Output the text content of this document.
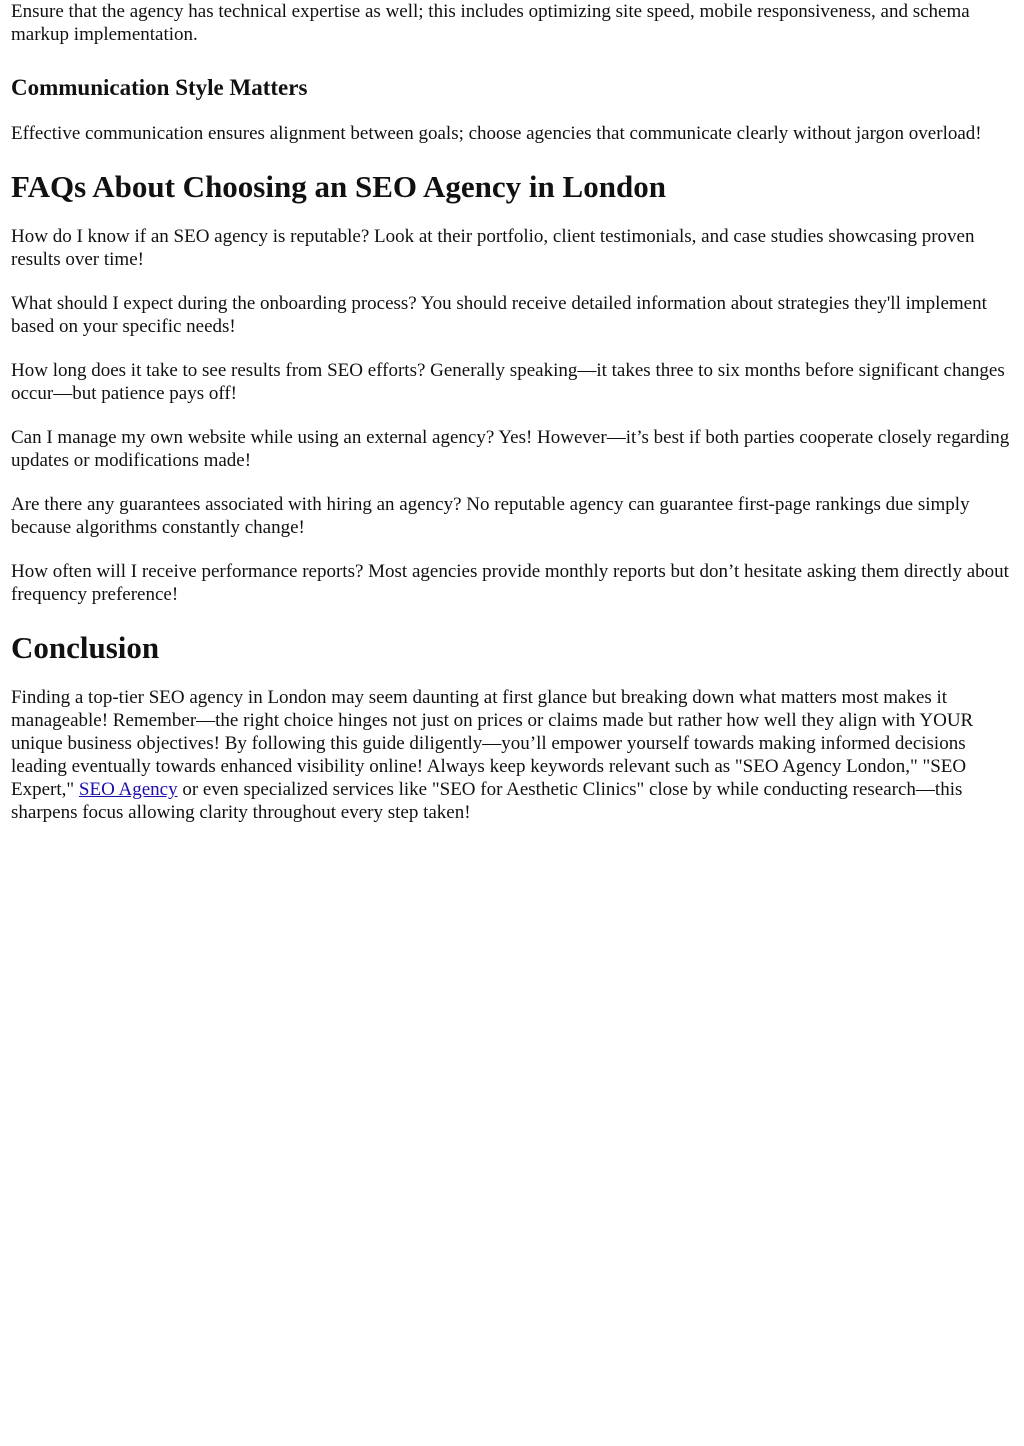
Ensure that the agency has technical expertise as well; this includes optimizing site speed, mobile responsiveness, and schema markup implementation.

Communication Style Matters

Effective communication ensures alignment between goals; choose agencies that communicate clearly without jargon overload!

FAQs About Choosing an SEO Agency in London

How do I know if an SEO agency is reputable? Look at their portfolio, client testimonials, and case studies showcasing proven results over time!

What should I expect during the onboarding process? You should receive detailed information about strategies they'll implement based on your specific needs!

How long does it take to see results from SEO efforts? Generally speaking—it takes three to six months before significant changes occur—but patience pays off!

Can I manage my own website while using an external agency? Yes! However—it’s best if both parties cooperate closely regarding updates or modifications made!

Are there any guarantees associated with hiring an agency? No reputable agency can guarantee first-page rankings due simply because algorithms constantly change!

How often will I receive performance reports? Most agencies provide monthly reports but don’t hesitate asking them directly about frequency preference!

Conclusion

Finding a top-tier SEO agency in London may seem daunting at first glance but breaking down what matters most makes it manageable! Remember—the right choice hinges not just on prices or claims made but rather how well they align with YOUR unique business objectives! By following this guide diligently—you’ll empower yourself towards making informed decisions leading eventually towards enhanced visibility online! Always keep keywords relevant such as "SEO Agency London," "SEO Expert," SEO Agency or even specialized services like "SEO for Aesthetic Clinics" close by while conducting research—this sharpens focus allowing clarity throughout every step taken!
